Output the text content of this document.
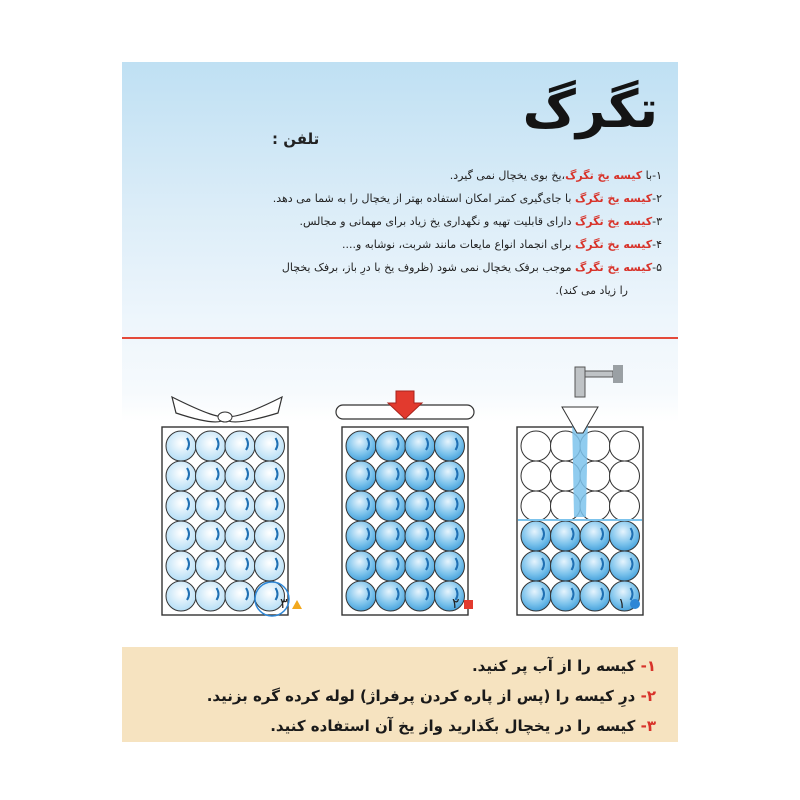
تگرگ
تلفن :
۱-با کیسه یخ تگرگ،یخ بوی یخچال نمی گیرد.
۲-کیسه یخ تگرگ با جای‌گیری کمتر امکان استفاده بهتر از یخچال را به شما می دهد.
۳-کیسه یخ تگرگ دارای قابلیت تهیه و نگهداری یخ زیاد برای مهمانی و مجالس.
۴-کیسه یخ تگرگ برای انجماد انواع مایعات مانند شربت، نوشابه و....
۵-کیسه یخ تگرگ موجب برفک یخچال نمی شود (ظروف یخ با درِ باز، برفک یخچال
را زیاد می کند).
۳	۲	۱
۱- کیسه را از آب پر کنید.
۲- درِ کیسه را (پس از پاره کردن پرفراژ) لوله کرده گره بزنید.
۳- کیسه را در یخچال بگذارید واز یخ آن استفاده کنید.
